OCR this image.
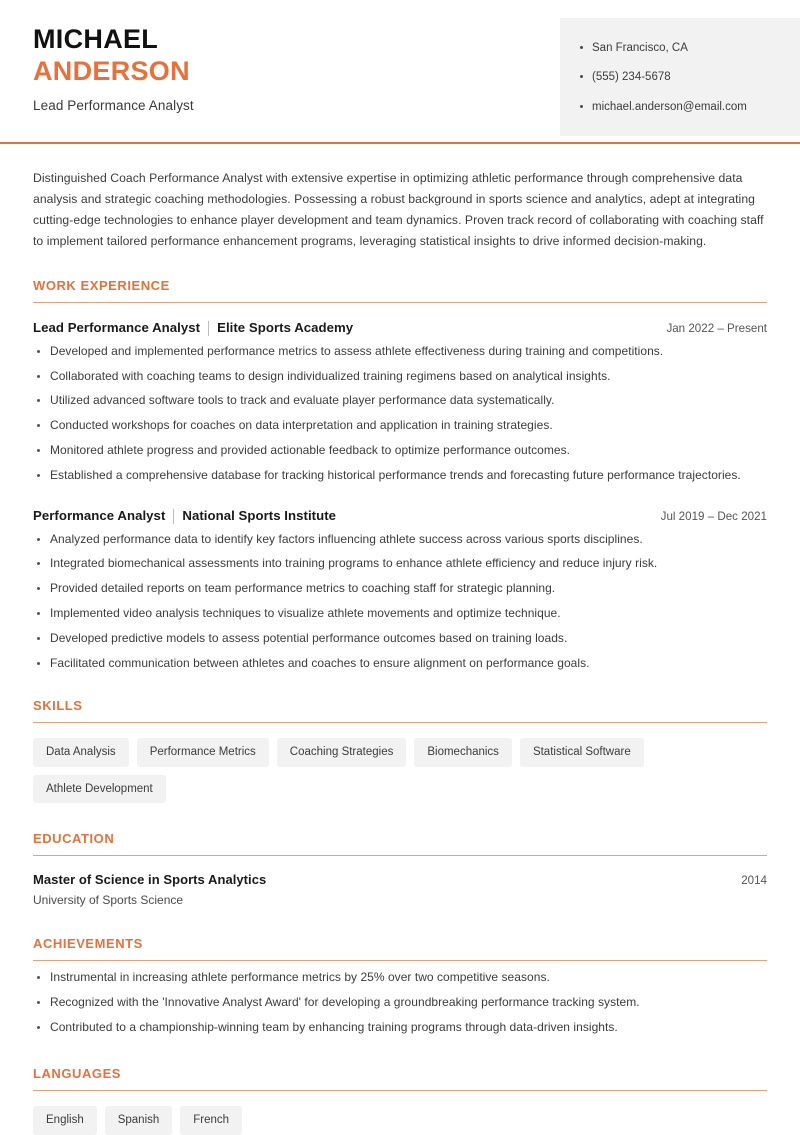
MICHAEL
ANDERSON
Lead Performance Analyst
San Francisco, CA
(555) 234-5678
michael.anderson@email.com
Distinguished Coach Performance Analyst with extensive expertise in optimizing athletic performance through comprehensive data analysis and strategic coaching methodologies. Possessing a robust background in sports science and analytics, adept at integrating cutting-edge technologies to enhance player development and team dynamics. Proven track record of collaborating with coaching staff to implement tailored performance enhancement programs, leveraging statistical insights to drive informed decision-making.
WORK EXPERIENCE
Lead Performance Analyst Elite Sports Academy	Jan 2022 – Present
Developed and implemented performance metrics to assess athlete effectiveness during training and competitions.
Collaborated with coaching teams to design individualized training regimens based on analytical insights.
Utilized advanced software tools to track and evaluate player performance data systematically.
Conducted workshops for coaches on data interpretation and application in training strategies.
Monitored athlete progress and provided actionable feedback to optimize performance outcomes.
Established a comprehensive database for tracking historical performance trends and forecasting future performance trajectories.
Performance Analyst National Sports Institute	Jul 2019 – Dec 2021
Analyzed performance data to identify key factors influencing athlete success across various sports disciplines.
Integrated biomechanical assessments into training programs to enhance athlete efficiency and reduce injury risk.
Provided detailed reports on team performance metrics to coaching staff for strategic planning.
Implemented video analysis techniques to visualize athlete movements and optimize technique.
Developed predictive models to assess potential performance outcomes based on training loads.
Facilitated communication between athletes and coaches to ensure alignment on performance goals.
SKILLS
Data Analysis	Performance Metrics	Coaching Strategies	Biomechanics	Statistical Software
Athlete Development
EDUCATION
Master of Science in Sports Analytics	2014
University of Sports Science
ACHIEVEMENTS
Instrumental in increasing athlete performance metrics by 25% over two competitive seasons.
Recognized with the 'Innovative Analyst Award' for developing a groundbreaking performance tracking system.
Contributed to a championship-winning team by enhancing training programs through data-driven insights.
LANGUAGES
English	Spanish	French
